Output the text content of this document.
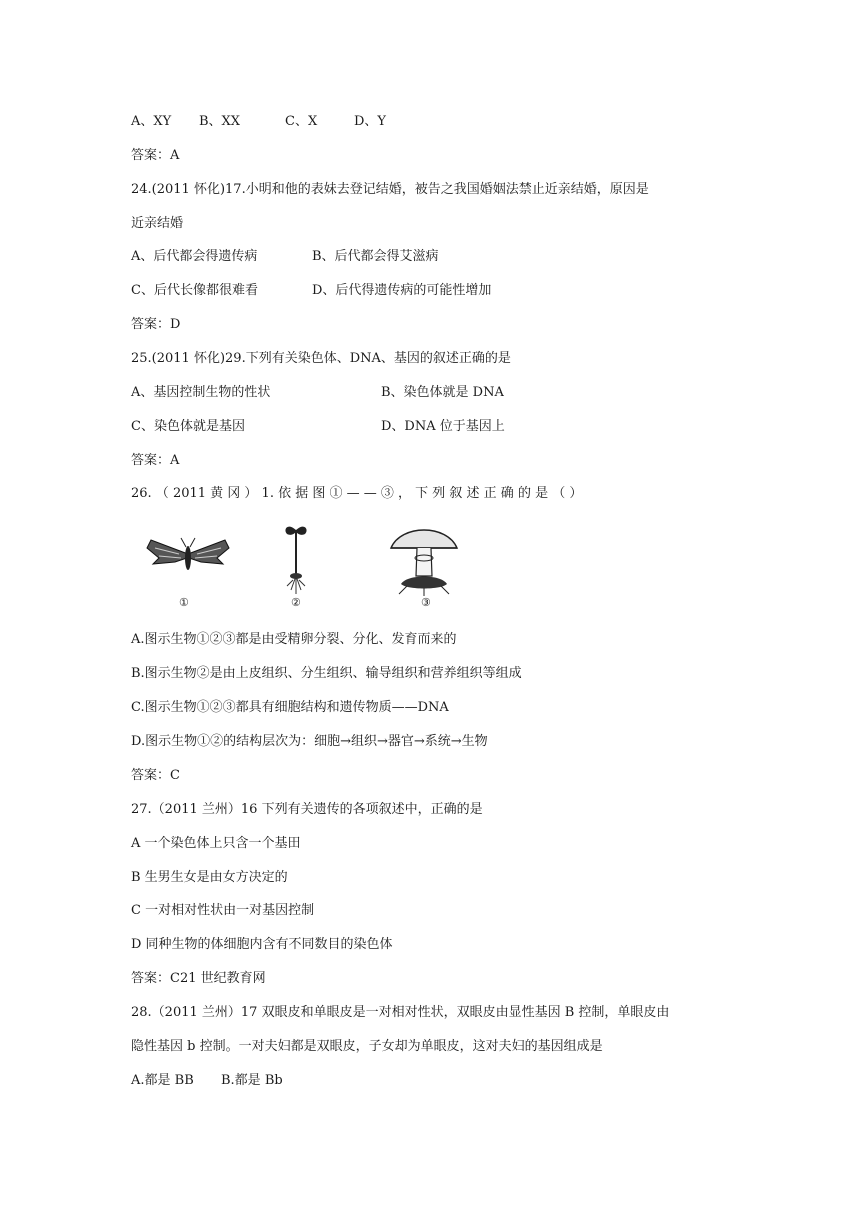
A、XY B、XX	C、X	D、Y
答案：A
24.(2011 怀化)17.小明和他的表妹去登记结婚，被告之我国婚姻法禁止近亲结婚，原因是
近亲结婚
A、后代都会得遗传病	B、后代都会得艾滋病
C、后代长像都很难看	D、后代得遗传病的可能性增加
答案：D
25.(2011 怀化)29.下列有关染色体、DNA、基因的叙述正确的是
A、基因控制生物的性状	B、染色体就是 DNA
C、染色体就是基因	D、DNA 位于基因上
答案：A
26. （ 2011 黄 冈 ） 1. 依 据 图 ① — — ③ ， 下 列 叙 述 正 确 的 是 （ ）
①	②	③
A.图示生物①②③都是由受精卵分裂、分化、发育而来的
B.图示生物②是由上皮组织、分生组织、输导组织和营养组织等组成
C.图示生物①②③都具有细胞结构和遗传物质——DNA
D.图示生物①②的结构层次为：细胞→组织→器官→系统→生物
答案：C
27.（2011 兰州）16 下列有关遗传的各项叙述中，正确的是
A 一个染色体上只含一个基田
B 生男生女是由女方决定的
C 一对相对性状由一对基因控制
D 同种生物的体细胞内含有不同数目的染色体
答案：C21 世纪教育网
28.（2011 兰州）17 双眼皮和单眼皮是一对相对性状，双眼皮由显性基因 B 控制，单眼皮由
隐性基因 b 控制。一对夫妇都是双眼皮，子女却为单眼皮，这对夫妇的基因组成是
A.都是 BB B.都是 Bb
